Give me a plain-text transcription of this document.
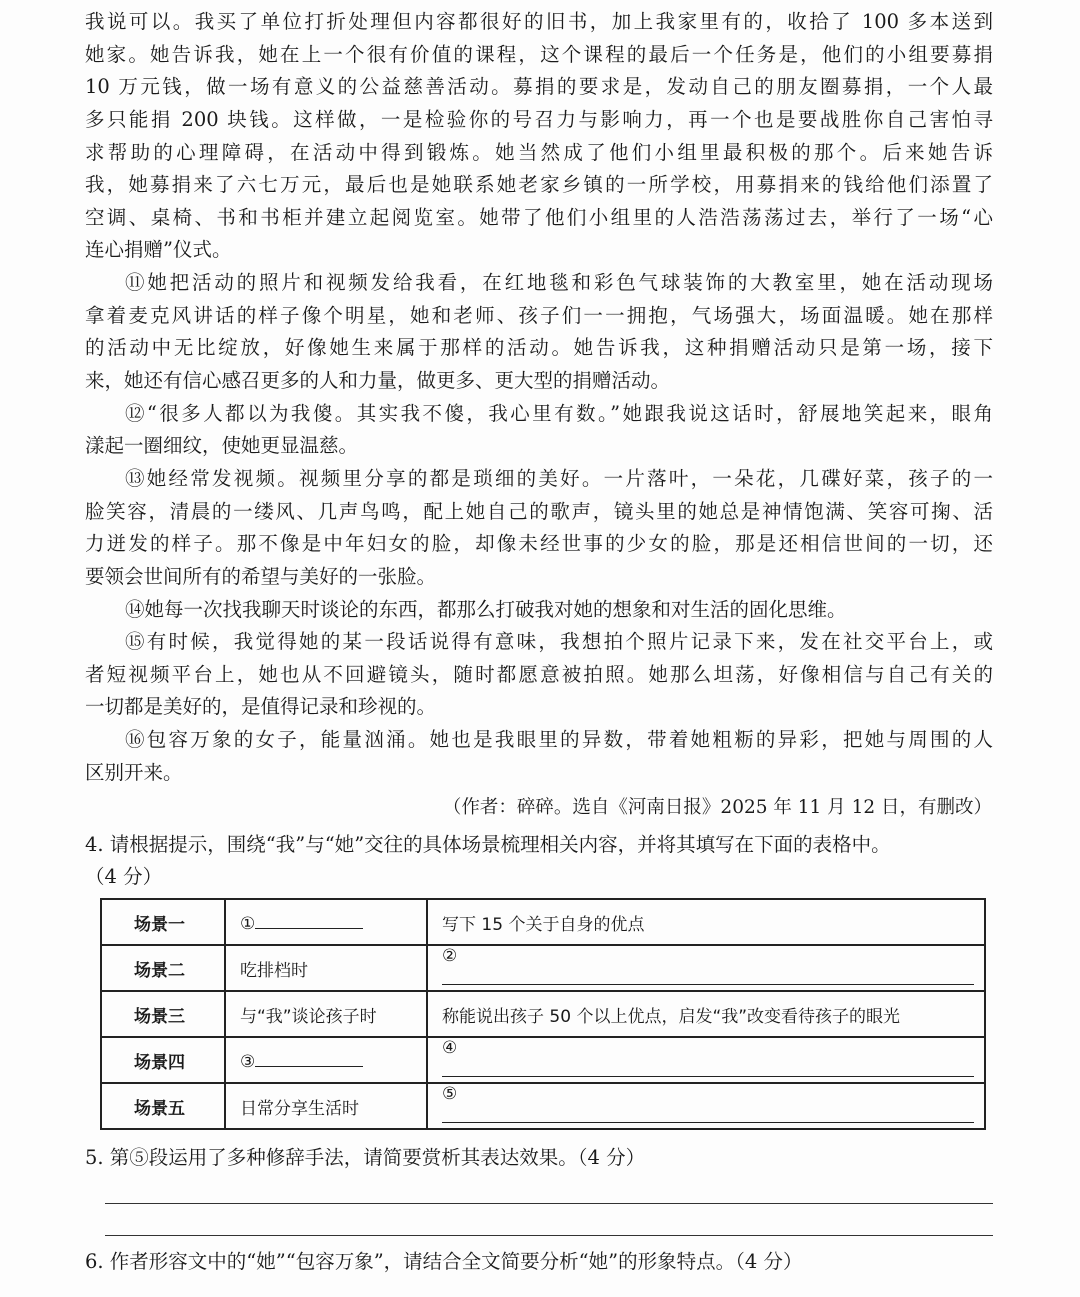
我说可以。我买了单位打折处理但内容都很好的旧书，加上我家里有的，收拾了 100 多本送到
她家。她告诉我，她在上一个很有价值的课程，这个课程的最后一个任务是，他们的小组要募捐
10 万元钱，做一场有意义的公益慈善活动。募捐的要求是，发动自己的朋友圈募捐，一个人最
多只能捐 200 块钱。这样做，一是检验你的号召力与影响力，再一个也是要战胜你自己害怕寻
求帮助的心理障碍，在活动中得到锻炼。她当然成了他们小组里最积极的那个。后来她告诉
我，她募捐来了六七万元，最后也是她联系她老家乡镇的一所学校，用募捐来的钱给他们添置了
空调、桌椅、书和书柜并建立起阅览室。她带了他们小组里的人浩浩荡荡过去，举行了一场“心
连心捐赠”仪式。
⑪她把活动的照片和视频发给我看，在红地毯和彩色气球装饰的大教室里，她在活动现场
拿着麦克风讲话的样子像个明星，她和老师、孩子们一一拥抱，气场强大，场面温暖。她在那样
的活动中无比绽放，好像她生来属于那样的活动。她告诉我，这种捐赠活动只是第一场，接下
来，她还有信心感召更多的人和力量，做更多、更大型的捐赠活动。
⑫“很多人都以为我傻。其实我不傻，我心里有数。”她跟我说这话时，舒展地笑起来，眼角
漾起一圈细纹，使她更显温慈。
⑬她经常发视频。视频里分享的都是琐细的美好。一片落叶，一朵花，几碟好菜，孩子的一
脸笑容，清晨的一缕风、几声鸟鸣，配上她自己的歌声，镜头里的她总是神情饱满、笑容可掬、活
力迸发的样子。那不像是中年妇女的脸，却像未经世事的少女的脸，那是还相信世间的一切，还
要领会世间所有的希望与美好的一张脸。
⑭她每一次找我聊天时谈论的东西，都那么打破我对她的想象和对生活的固化思维。
⑮有时候，我觉得她的某一段话说得有意味，我想拍个照片记录下来，发在社交平台上，或
者短视频平台上，她也从不回避镜头，随时都愿意被拍照。她那么坦荡，好像相信与自己有关的
一切都是美好的，是值得记录和珍视的。
⑯包容万象的女子，能量汹涌。她也是我眼里的异数，带着她粗粝的异彩，把她与周围的人
区别开来。
（作者：碎碎。选自《河南日报》2025 年 11 月 12 日，有删改）
4. 请根据提示，围绕“我”与“她”交往的具体场景梳理相关内容，并将其填写在下面的表格中。
（4 分）
场景一	①	写下 15 个关于自身的优点
场景二	吃排档时	②
场景三	与“我”谈论孩子时	称能说出孩子 50 个以上优点，启发“我”改变看待孩子的眼光
场景四	③	④
场景五	日常分享生活时	⑤
5. 第⑤段运用了多种修辞手法，请简要赏析其表达效果。（4 分）
6. 作者形容文中的“她”“包容万象”，请结合全文简要分析“她”的形象特点。（4 分）
